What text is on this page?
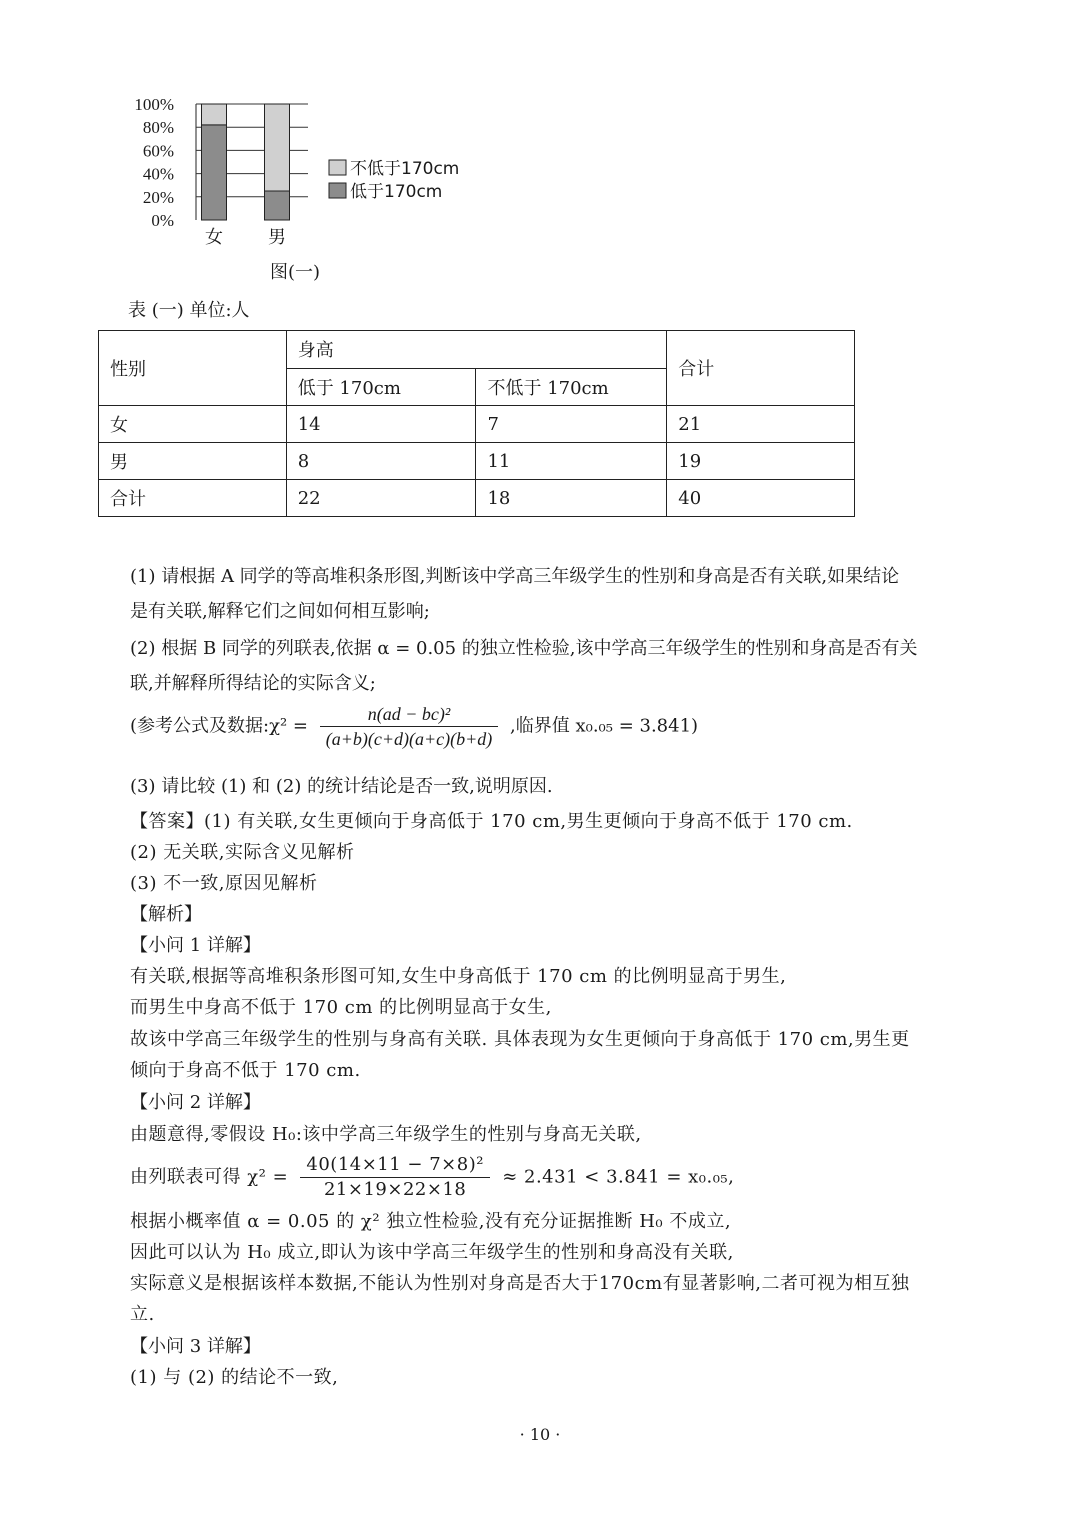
0%
20%
40%
60%
80%
100%
女	男
不低于170cm
低于170cm
图(一)
表 (一) 单位:人
性别	身高		合计
	低于 170cm	不低于 170cm	
女	14	7	21
男	8	11	19
合计	22	18	40
(1) 请根据 A 同学的等高堆积条形图,判断该中学高三年级学生的性别和身高是否有关联,如果结论
是有关联,解释它们之间如何相互影响;
(2) 根据 B 同学的列联表,依据 α = 0.05 的独立性检验,该中学高三年级学生的性别和身高是否有关
联,并解释所得结论的实际含义;
(参考公式及数据:χ² = $\frac{\text{n(ad − bc)²}}{(a+b)(c+d)(a+c)(b+d)}$ ,临界值 x₀.₀₅ = 3.841)
(3) 请比较 (1) 和 (2) 的统计结论是否一致,说明原因.
【答案】(1) 有关联,女生更倾向于身高低于 170 cm,男生更倾向于身高不低于 170 cm.
(2) 无关联,实际含义见解析
(3) 不一致,原因见解析
【解析】
【小问 1 详解】
有关联,根据等高堆积条形图可知,女生中身高低于 170 cm 的比例明显高于男生,
而男生中身高不低于 170 cm 的比例明显高于女生,
故该中学高三年级学生的性别与身高有关联. 具体表现为女生更倾向于身高低于 170 cm,男生更
倾向于身高不低于 170 cm.
【小问 2 详解】
由题意得,零假设 H₀:该中学高三年级学生的性别与身高无关联,
由列联表可得 $\chi^2 = \frac{\text{40(14×11 − 7×8)²}}{21\times 19\times 22\times 18} \approx 2.431 < 3.841 = x_0._{05}$,
根据小概率值 α = 0.05 的 χ² 独立性检验,没有充分证据推断 H₀ 不成立,
因此可以认为 H₀ 成立,即认为该中学高三年级学生的性别和身高没有关联,
实际意义是根据该样本数据,不能认为性别对身高是否大于170cm有显著影响,二者可视为相互独
立.
【小问 3 详解】
(1) 与 (2) 的结论不一致,
· 10 ·
